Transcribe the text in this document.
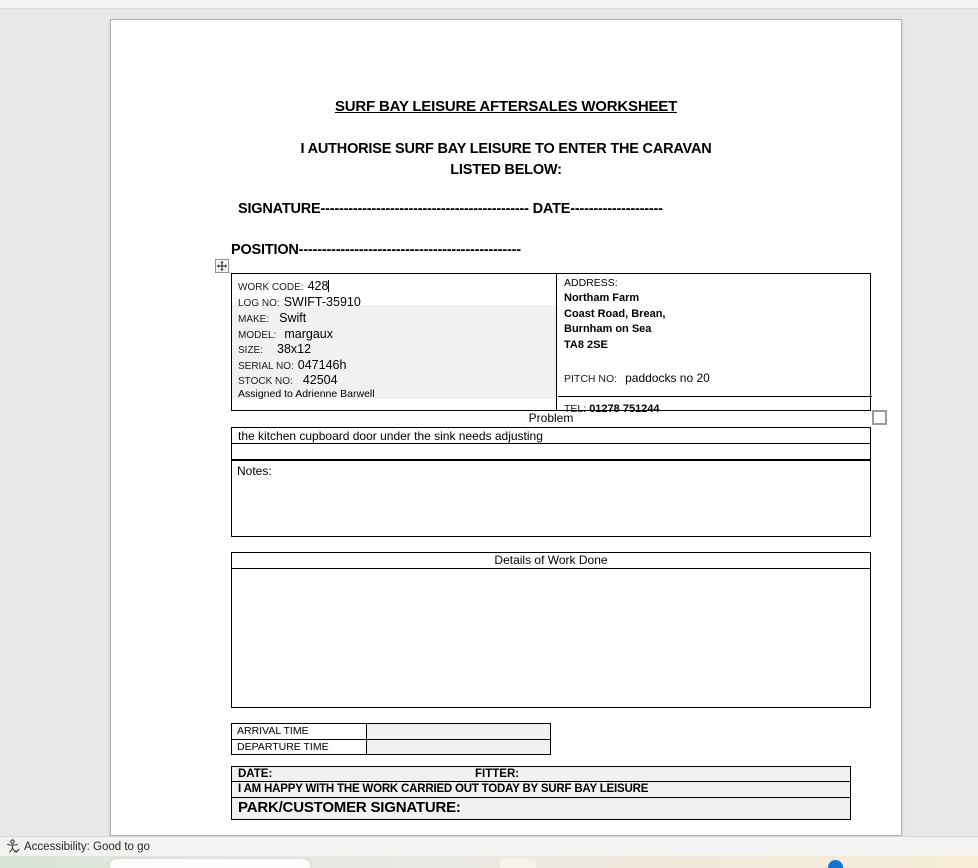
SURF BAY LEISURE AFTERSALES WORKSHEET
I AUTHORISE SURF BAY LEISURE TO ENTER THE CARAVAN
LISTED BELOW:
SIGNATURE--------------------------------------------- DATE--------------------
POSITION------------------------------------------------
WORK CODE: 428
LOG NO: SWIFT-35910
MAKE: Swift
MODEL: margaux
SIZE: 38x12
SERIAL NO: 047146h
STOCK NO: 42504
Assigned to Adrienne Barwell
ADDRESS:
Northam Farm
Coast Road, Brean,
Burnham on Sea
TA8 2SE
PITCH NO: paddocks no 20
TEL: 01278 751244
Problem
the kitchen cupboard door under the sink needs adjusting
Notes:
Details of Work Done
ARRIVAL TIME
DEPARTURE TIME
DATE:	FITTER:
I AM HAPPY WITH THE WORK CARRIED OUT TODAY BY SURF BAY LEISURE
PARK/CUSTOMER SIGNATURE:
Accessibility: Good to go
